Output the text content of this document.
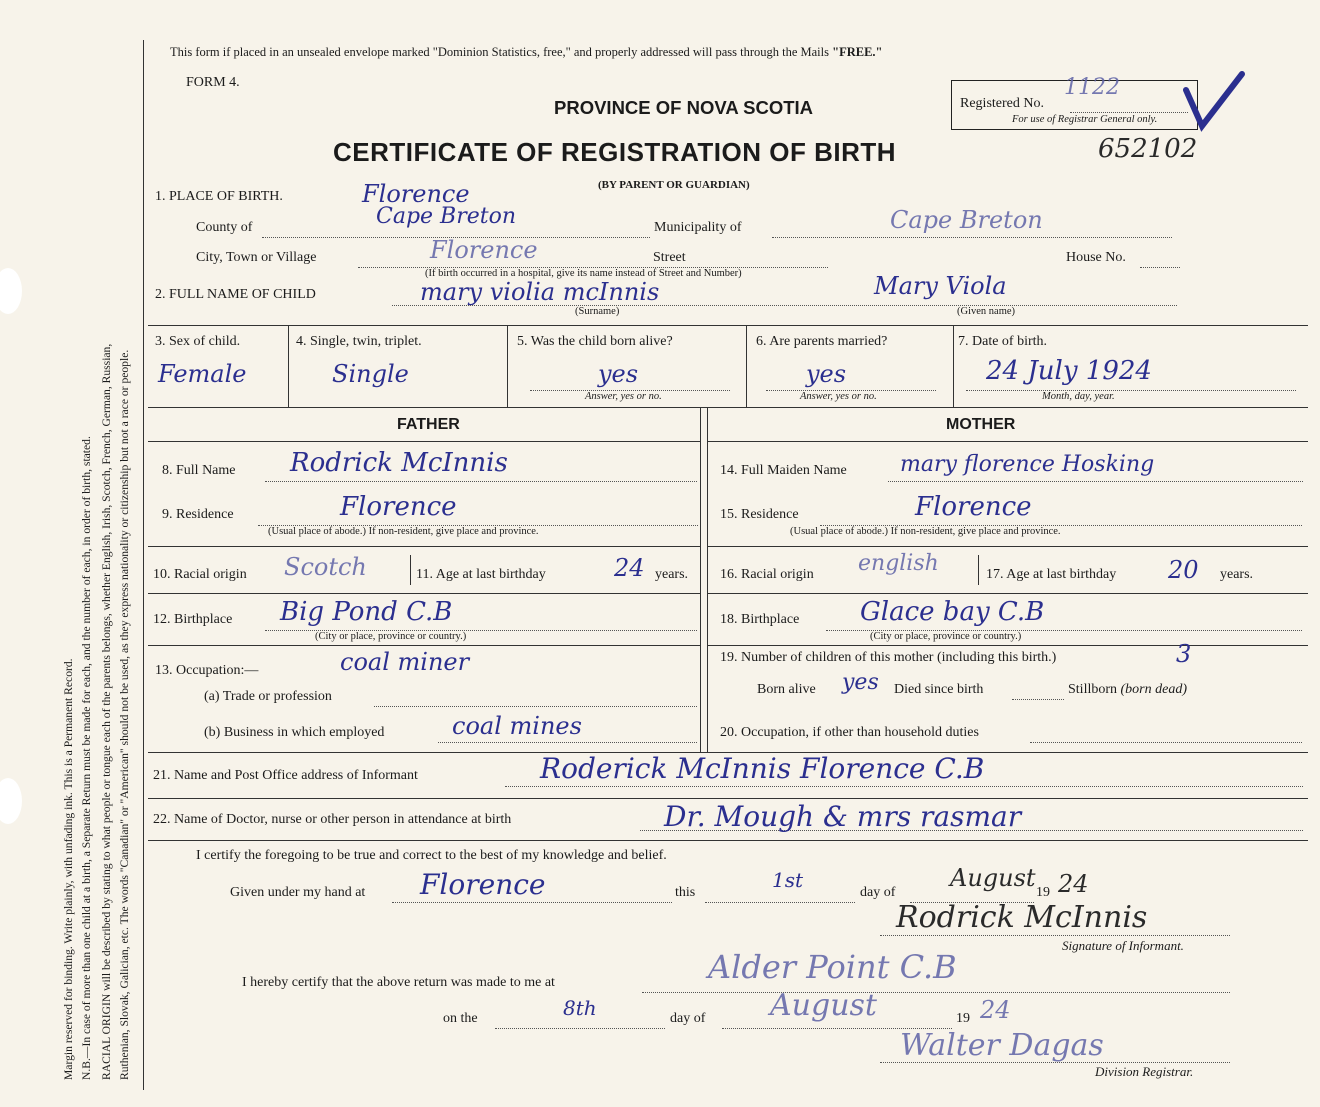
Margin reserved for binding. Write plainly, with unfading ink. This is a Permanent Record. N.B.—In case of more than one child at a birth, a Separate Return must be made for each, and the number of each, in order of birth, stated. RACIAL ORIGIN will be described by stating to what people or tongue each of the parents belongs, whether English, Irish, Scotch, French, German, Russian, Ruthenian, Slovak, Galician, etc. The words "Canadian" or "American" should not be used, as they express nationality or citizenship but not a race or people.
This form if placed in an unsealed envelope marked "Dominion Statistics, free," and properly addressed will pass through the Mails "FREE."
FORM 4.
PROVINCE OF NOVA SCOTIA
CERTIFICATE OF REGISTRATION OF BIRTH
(BY PARENT OR GUARDIAN)
Registered No.
For use of Registrar General only.
1122
652102
1. PLACE OF BIRTH.	Florence
County of	Cape Breton	Municipality of	Cape Breton
City, Town or Village	Florence	Street	House No.
(If birth occurred in a hospital, give its name instead of Street and Number)
2. FULL NAME OF CHILD	mary violia mcInnis	Mary Viola
(Surname)	(Given name)
3. Sex of child.
Female
4. Single, twin, triplet.
Single
5. Was the child born alive?
yes
Answer, yes or no.
6. Are parents married?
yes
Answer, yes or no.
7. Date of birth.
24 July 1924
Month, day, year.
FATHER	MOTHER
8. Full Name Rodrick McInnis
9. Residence	Florence
(Usual place of abode.) If non-resident, give place and province.
10. Racial origin Scotch	11. Age at last birthday	24 years.
12. Birthplace Big Pond C.B
(City or place, province or country.)
13. Occupation:—	coal miner
(a) Trade or profession
(b) Business in which employed	coal mines
14. Full Maiden Name mary florence Hosking
15. Residence	Florence
(Usual place of abode.) If non-resident, give place and province.
16. Racial origin english	17. Age at last birthday 20 years.
18. Birthplace Glace bay C.B
(City or place, province or country.)
19. Number of children of this mother (including this birth.)	3
Born alive yes Died since birth	Stillborn (born dead)
20. Occupation, if other than household duties
21. Name and Post Office address of Informant	Roderick McInnis Florence C.B
22. Name of Doctor, nurse or other person in attendance at birth	Dr. Mough & mrs rasmar
I certify the foregoing to be true and correct to the best of my knowledge and belief.
Given under my hand at Florence	this
1st
day of
August
19 24
Rodrick McInnis
Signature of Informant.
I hereby certify that the above return was made to me at	Alder Point C.B
on the	8th	day of August	19 24
Walter Dagas
Division Registrar.
